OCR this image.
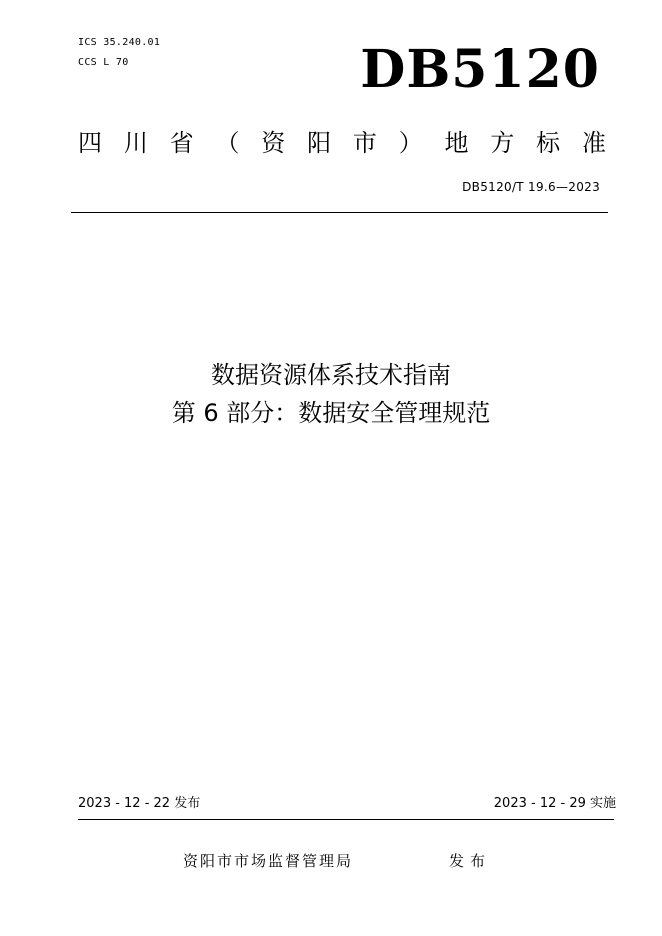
ICS 35.240.01
CCS L 70	DB5120
四 川 省 （ 资 阳 市 ） 地 方 标 准
DB5120/T 19.6—2023
数据资源体系技术指南
第 6 部分：数据安全管理规范
2023 - 12 - 22 发布	2023 - 12 - 29 实施
资阳市市场监督管理局	发布
